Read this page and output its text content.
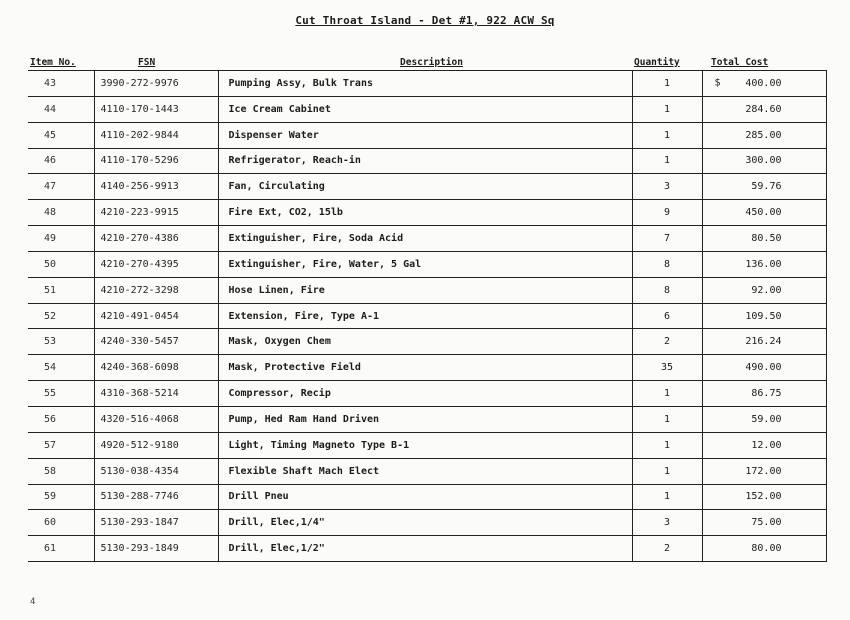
Cut Throat Island - Det #1, 922 ACW Sq
Item No.	FSN	Description	Quantity	Total Cost
43	3990-272-9976	Pumping Assy, Bulk Trans	1	$ 400.00

44	4110-170-1443	Ice Cream Cabinet	1	284.60

45	4110-202-9844	Dispenser Water	1	285.00

46	4110-170-5296	Refrigerator, Reach-in	1	300.00

47	4140-256-9913	Fan, Circulating	3	59.76

48	4210-223-9915	Fire Ext, CO2, 15lb	9	450.00

49	4210-270-4386	Extinguisher, Fire, Soda Acid	7	80.50

50	4210-270-4395	Extinguisher, Fire, Water, 5 Gal	8	136.00

51	4210-272-3298	Hose Linen, Fire	8	92.00

52	4210-491-0454	Extension, Fire, Type A-1	6	109.50

53	4240-330-5457	Mask, Oxygen Chem	2	216.24

54	4240-368-6098	Mask, Protective Field	35	490.00

55	4310-368-5214	Compressor, Recip	1	86.75

56	4320-516-4068	Pump, Hed Ram Hand Driven	1	59.00

57	4920-512-9180	Light, Timing Magneto Type B-1	1	12.00

58	5130-038-4354	Flexible Shaft Mach Elect	1	172.00

59	5130-288-7746	Drill Pneu	1	152.00

60	5130-293-1847	Drill, Elec,1/4"	3	75.00

61	5130-293-1849	Drill, Elec,1/2"	2	80.00
4
